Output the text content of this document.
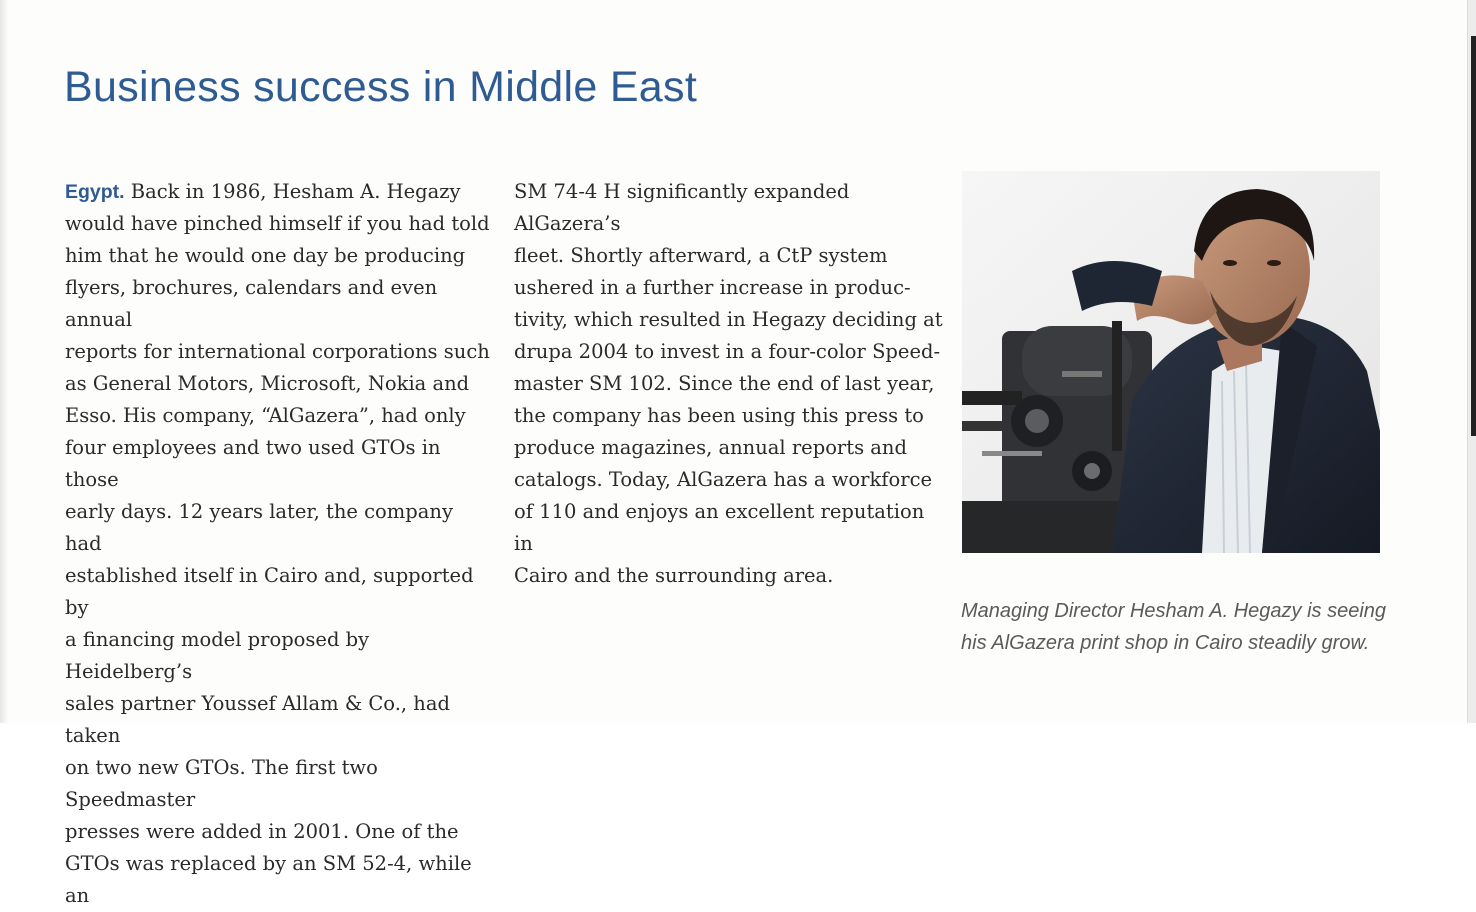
Business success in Middle East

Egypt. Back in 1986, Hesham A. Hegazy

would have pinched himself if you had told

him that he would one day be producing

flyers, brochures, calendars and even annual

reports for international corporations such

as General Motors, Microsoft, Nokia and

Esso. His company, “AlGazera”, had only

four employees and two used GTOs in those

early days. 12 years later, the company had

established itself in Cairo and, supported by

a financing model proposed by Heidelberg’s

sales partner Youssef Allam & Co., had taken

on two new GTOs. The first two Speedmaster

presses were added in 2001. One of the

GTOs was replaced by an SM 52-4, while an

SM 74-4 H significantly expanded AlGazera’s

fleet. Shortly afterward, a CtP system

ushered in a further increase in produc-

tivity, which resulted in Hegazy deciding at

drupa 2004 to invest in a four-color Speed-

master SM 102. Since the end of last year,

the company has been using this press to

produce magazines, annual reports and

catalogs. Today, AlGazera has a workforce

of 110 and enjoys an excellent reputation in

Cairo and the surrounding area.

Managing Director Hesham A. Hegazy is seeing
his AlGazera print shop in Cairo steadily grow.
